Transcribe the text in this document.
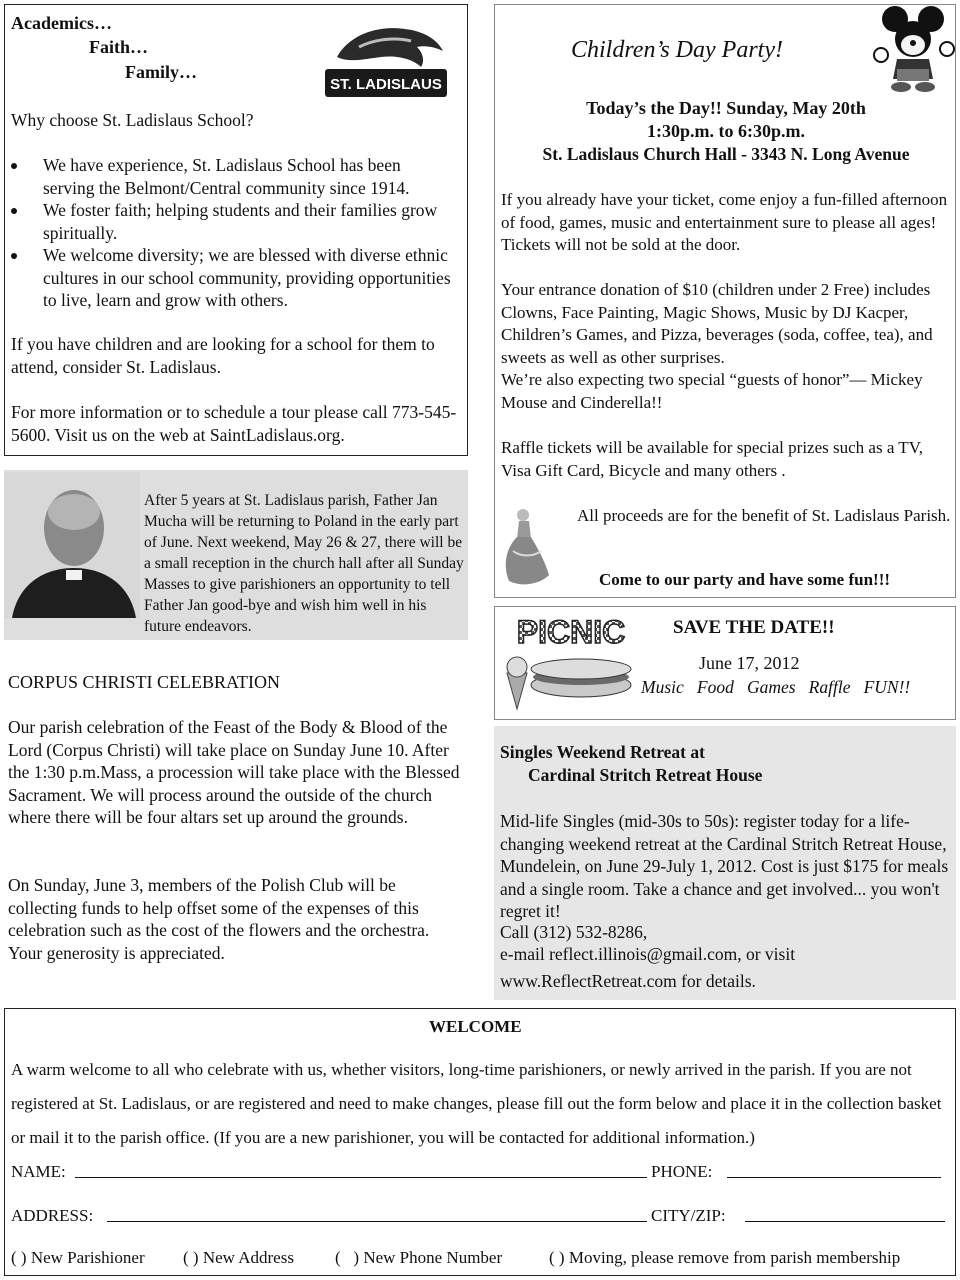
Academics…
Faith…
Family…
ST. LADISLAUS
Why choose St. Ladislaus School?
We have experience, St. Ladislaus School has been serving the Belmont/Central community since 1914.
We foster faith; helping students and their families grow spiritually.
We welcome diversity; we are blessed with diverse ethnic cultures in our school community, providing opportunities to live, learn and grow with others.

If you have children and are looking for a school for them to attend, consider St. Ladislaus.

For more information or to schedule a tour please call 773-545-5600. Visit us on the web at SaintLadislaus.org.

After 5 years at St. Ladislaus parish, Father Jan Mucha will be returning to Poland in the early part of June. Next weekend, May 26 & 27, there will be a small reception in the church hall after all Sunday Masses to give parishioners an opportunity to tell Father Jan good-bye and wish him well in his future endeavors.

CORPUS CHRISTI CELEBRATION

Our parish celebration of the Feast of the Body & Blood of the Lord (Corpus Christi) will take place on Sunday June 10. After the 1:30 p.m.Mass, a procession will take place with the Blessed Sacrament. We will process around the outside of the church where there will be four altars set up around the grounds.

On Sunday, June 3, members of the Polish Club will be collecting funds to help offset some of the expenses of this celebration such as the cost of the flowers and the orchestra. Your generosity is appreciated.

Children’s Day Party!
Today’s the Day!! Sunday, May 20th
1:30p.m. to 6:30p.m.
St. Ladislaus Church Hall - 3343 N. Long Avenue

If you already have your ticket, come enjoy a fun-filled afternoon of food, games, music and entertainment sure to please all ages! Tickets will not be sold at the door.

Your entrance donation of $10 (children under 2 Free) includes Clowns, Face Painting, Magic Shows, Music by DJ Kacper, Children’s Games, and Pizza, beverages (soda, coffee, tea), and sweets as well as other surprises.

We’re also expecting two special “guests of honor”— Mickey Mouse and Cinderella!!

Raffle tickets will be available for special prizes such as a TV, Visa Gift Card, Bicycle and many others .

All proceeds are for the benefit of St. Ladislaus Parish.

Come to our party and have some fun!!!
PICNIC	SAVE THE DATE!!
June 17, 2012
Music   Food   Games   Raffle   FUN!!
Singles Weekend Retreat at
Cardinal Stritch Retreat House

Mid-life Singles (mid-30s to 50s): register today for a life-changing weekend retreat at the Cardinal Stritch Retreat House, Mundelein, on June 29-July 1, 2012. Cost is just $175 for meals and a single room. Take a chance and get involved... you won't regret it!

Call (312) 532-8286,
e-mail reflect.illinois@gmail.com, or visit
www.ReflectRetreat.com for details.
WELCOME

A warm welcome to all who celebrate with us, whether visitors, long-time parishioners, or newly arrived in the parish. If you are not registered at St. Ladislaus, or are registered and need to make changes, please fill out the form below and place it in the collection basket or mail it to the parish office. (If you are a new parishioner, you will be contacted for additional information.)

NAME:	PHONE:
ADDRESS:	CITY/ZIP:
( ) New Parishioner ( ) New Address (   ) New Phone Number	( ) Moving, please remove from parish membership
